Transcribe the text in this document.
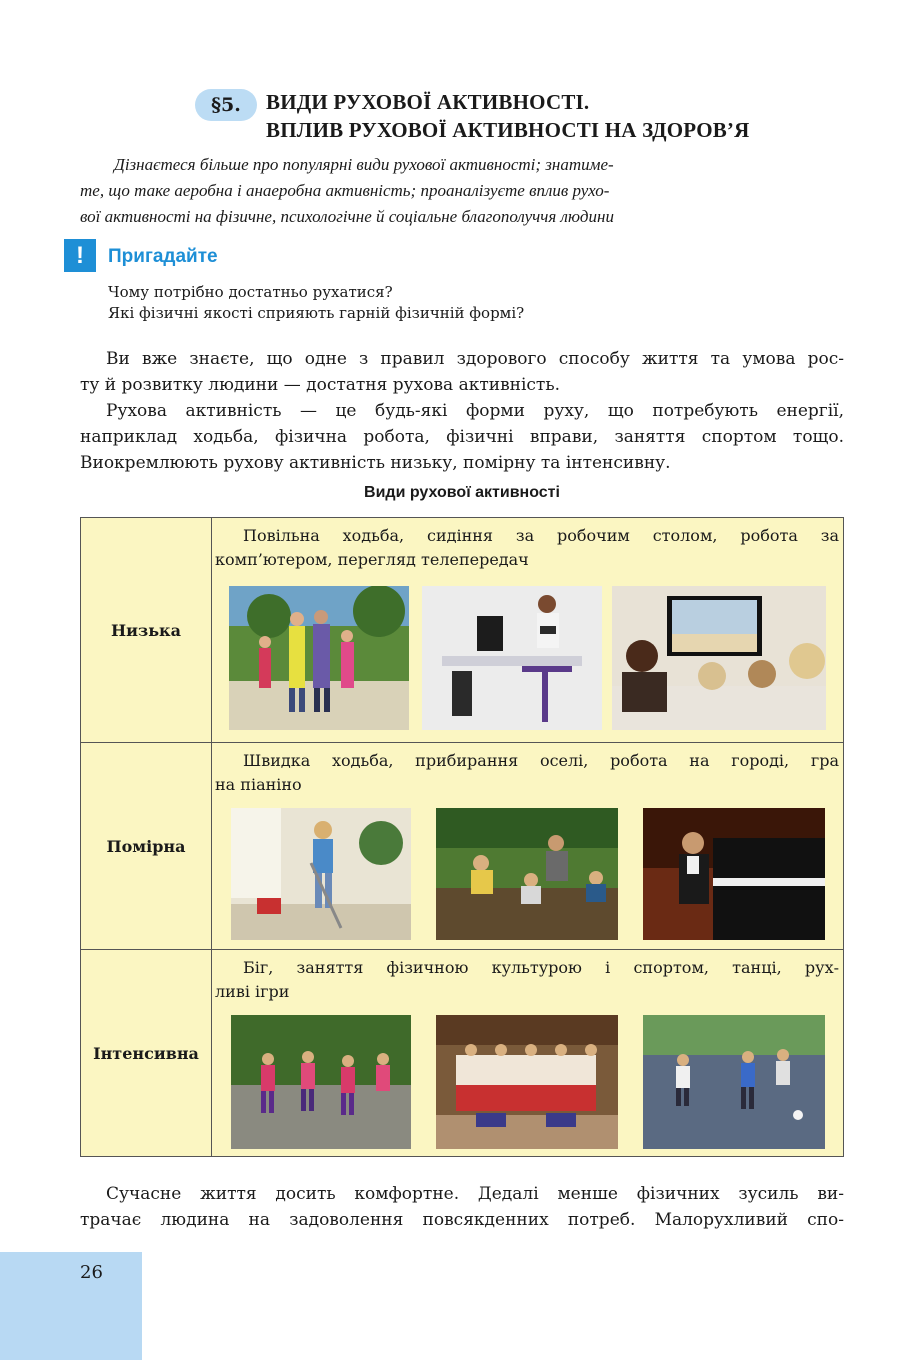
§5.	ВИДИ РУХОВОЇ АКТИВНОСТІ.
ВПЛИВ РУХОВОЇ АКТИВНОСТІ НА ЗДОРОВ’Я
Дізнаєтеся більше про популярні види рухової активності; знатиме-
те, що таке аеробна і анаеробна активність; проаналізуєте вплив рухо-
вої активності на фізичне, психологічне й соціальне благополуччя людини
!	Пригадайте
Чому потрібно достатньо рухатися?
Які фізичні якості сприяють гарній фізичній формі?
Ви вже знаєте, що одне з правил здорового способу життя та умова рос-
ту й розвитку людини — достатня рухова активність.
Рухова активність — це будь-які форми руху, що потребують енергії,
наприклад ходьба, фізична робота, фізичні вправи, заняття спортом тощо.
Виокремлюють рухову активність низьку, помірну та інтенсивну.
Види рухової активності
Низька
Повільна ходьба, сидіння за робочим столом, робота за
комп’ютером, перегляд телепередач
Помірна
Швидка ходьба, прибирання оселі, робота на городі, гра
на піаніно
Інтенсивна
Біг, заняття фізичною культурою і спортом, танці, рух-
ливі ігри
Сучасне життя досить комфортне. Дедалі менше фізичних зусиль ви-
трачає людина на задоволення повсякденних потреб. Малорухливий спо-
26
